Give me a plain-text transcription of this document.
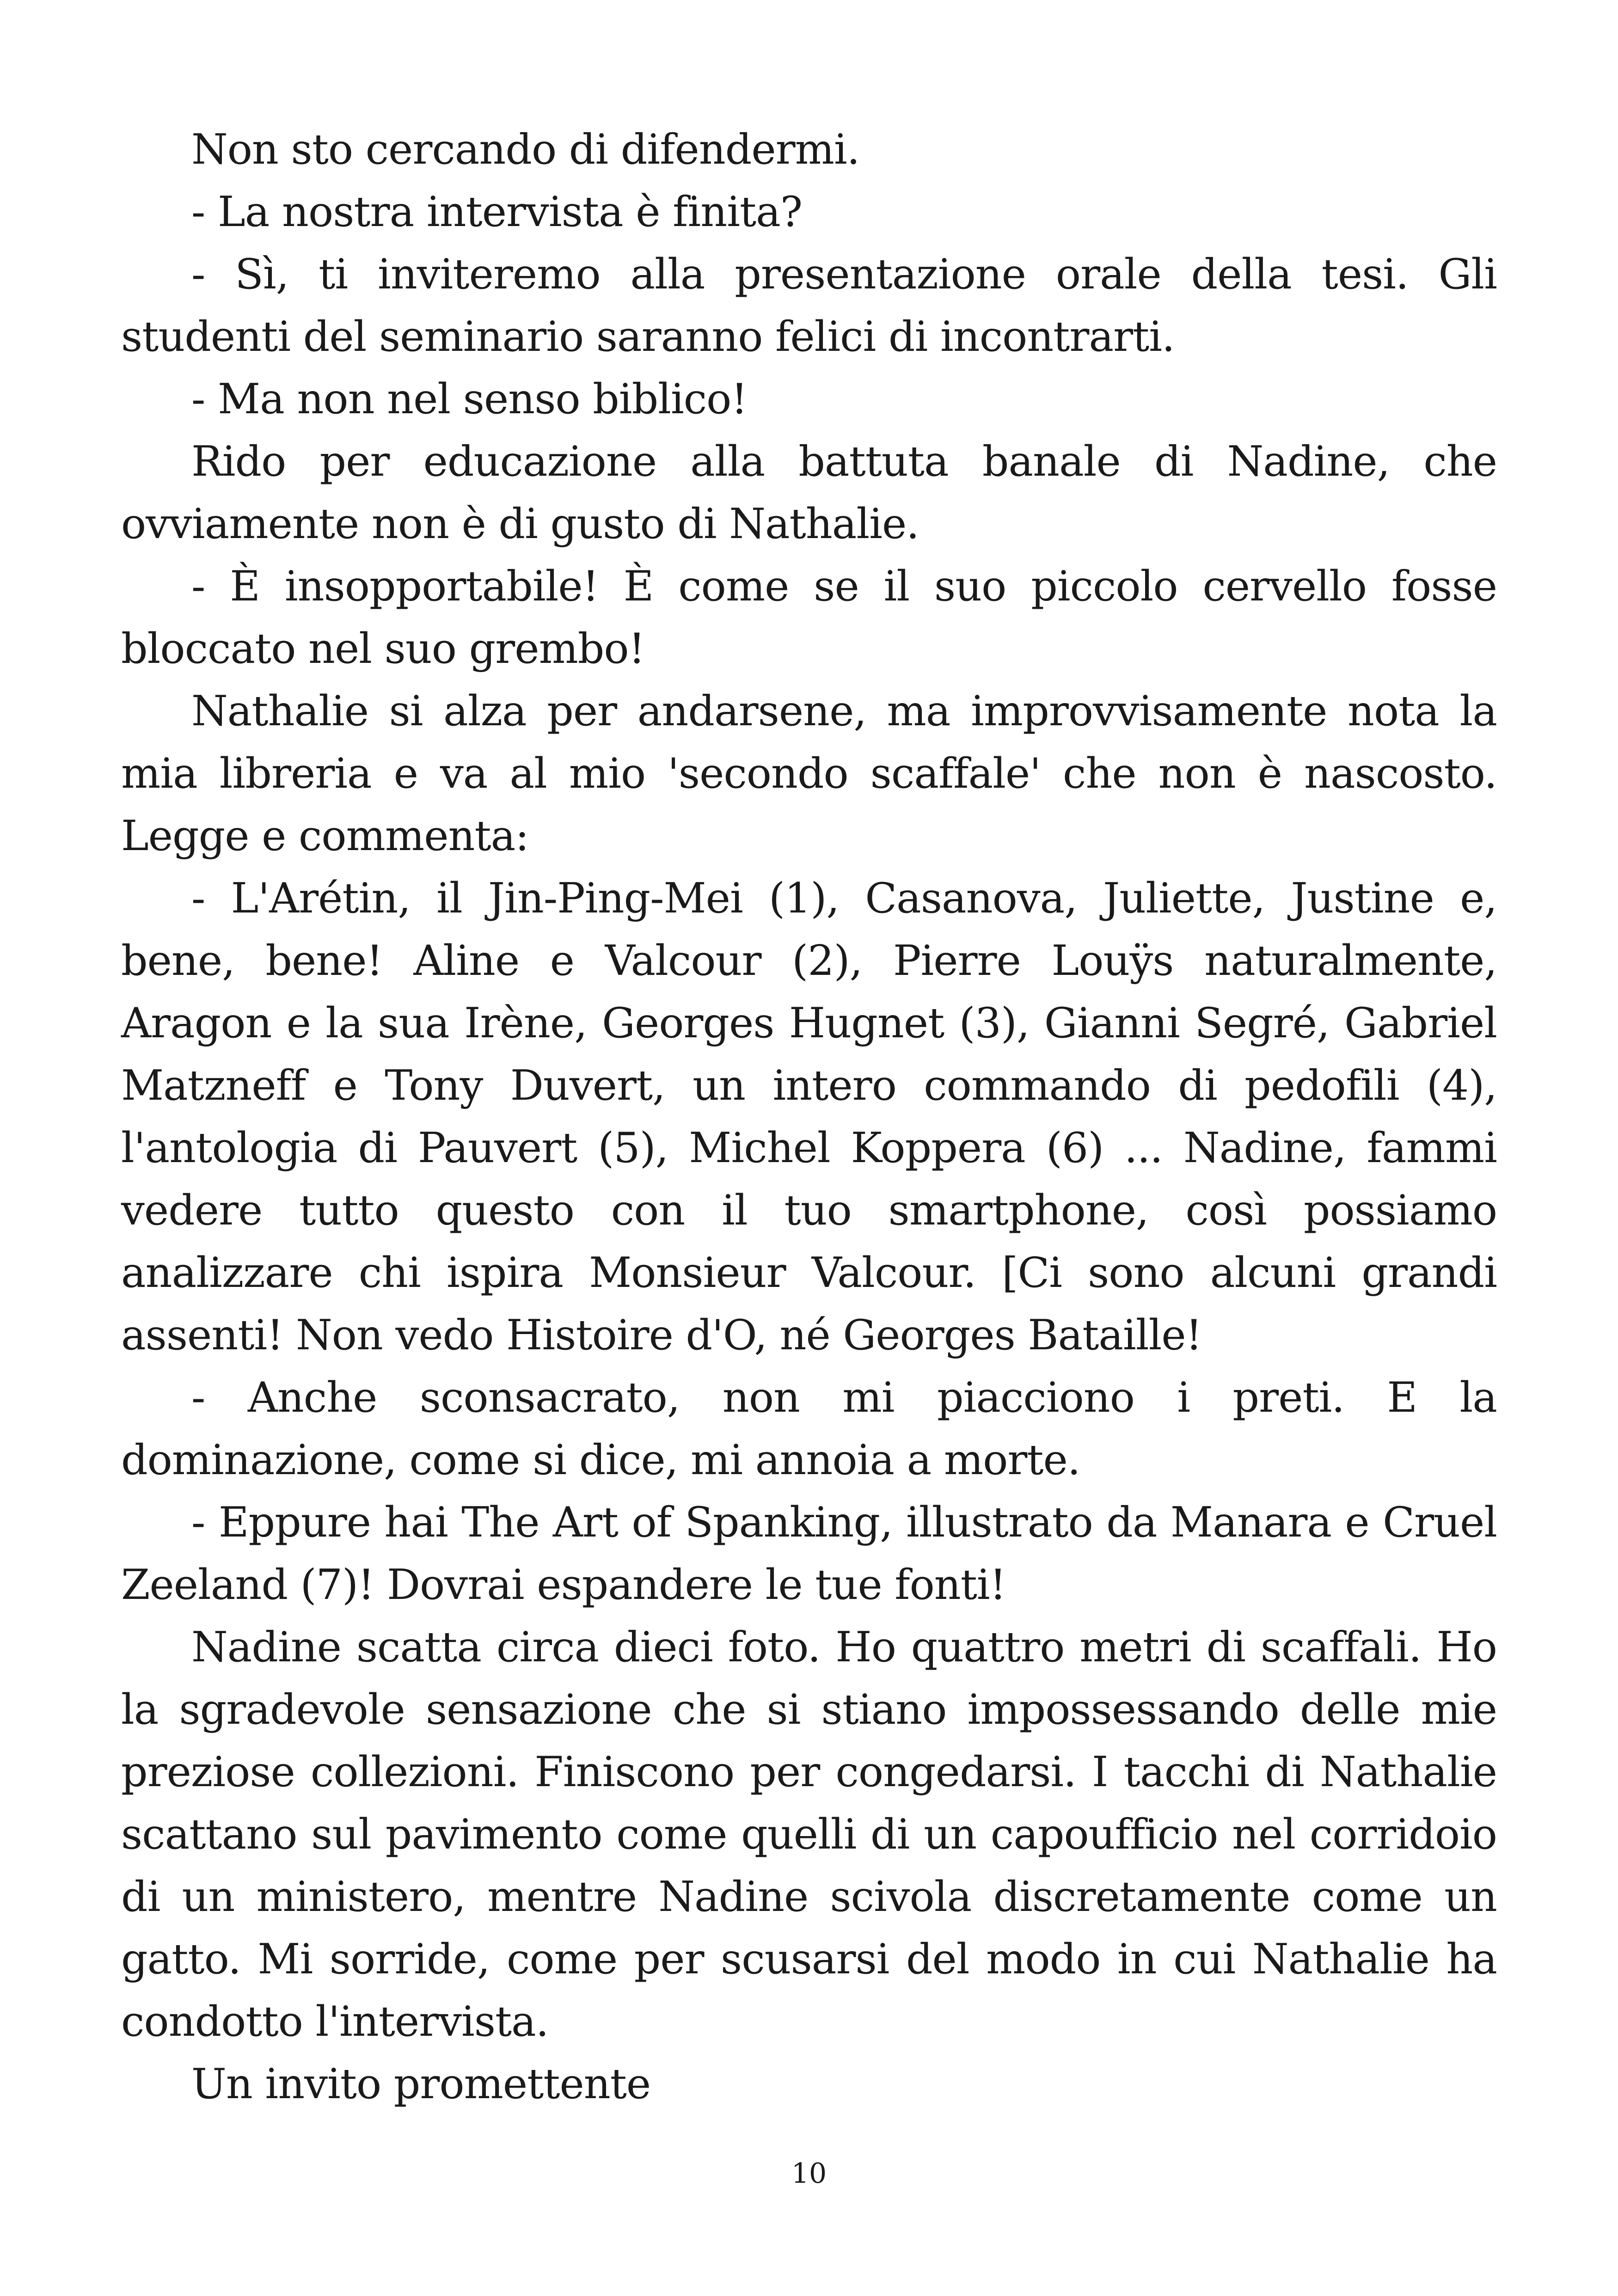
Non sto cercando di difendermi.

- La nostra intervista è finita?

- Sì, ti inviteremo alla presentazione orale della tesi. Gli studenti del seminario saranno felici di incontrarti.

- Ma non nel senso biblico!

Rido per educazione alla battuta banale di Nadine, che ovviamente non è di gusto di Nathalie.

- È insopportabile! È come se il suo piccolo cervello fosse bloccato nel suo grembo!

Nathalie si alza per andarsene, ma improvvisamente nota la mia libreria e va al mio 'secondo scaffale' che non è nascosto. Legge e commenta:

- L'Arétin, il Jin-Ping-Mei (1), Casanova, Juliette, Justine e, bene, bene! Aline e Valcour (2), Pierre Louÿs naturalmente, Aragon e la sua Irène, Georges Hugnet (3), Gianni Segré, Gabriel Matzneff e Tony Duvert, un intero commando di pedofili (4), l'antologia di Pauvert (5), Michel Koppera (6) ... Nadine, fammi vedere tutto questo con il tuo smartphone, così possiamo analizzare chi ispira Monsieur Valcour. [Ci sono alcuni grandi assenti! Non vedo Histoire d'O, né Georges Bataille!

- Anche sconsacrato, non mi piacciono i preti. E la dominazione, come si dice, mi annoia a morte.

- Eppure hai The Art of Spanking, illustrato da Manara e Cruel Zeeland (7)! Dovrai espandere le tue fonti!

Nadine scatta circa dieci foto. Ho quattro metri di scaffali. Ho la sgradevole sensazione che si stiano impossessando delle mie preziose collezioni. Finiscono per congedarsi. I tacchi di Nathalie scattano sul pavimento come quelli di un capoufficio nel corridoio di un ministero, mentre Nadine scivola discretamente come un gatto. Mi sorride, come per scusarsi del modo in cui Nathalie ha condotto l'intervista.

Un invito promettente

10
